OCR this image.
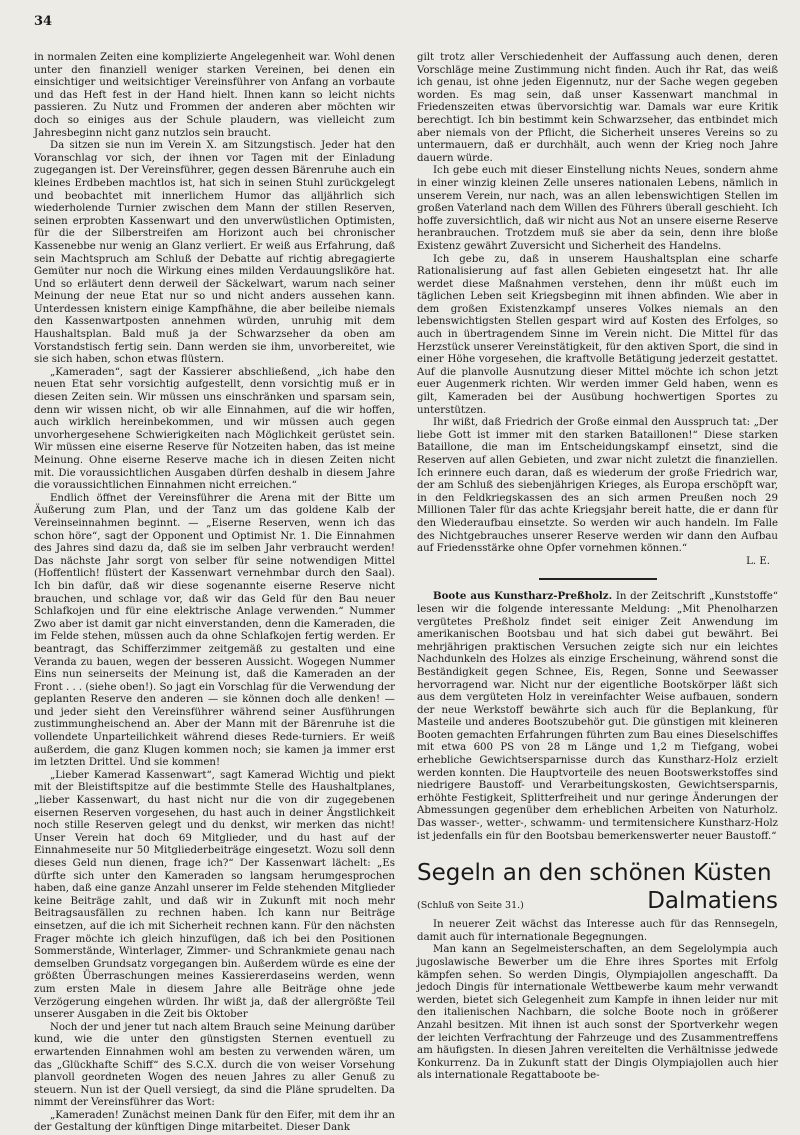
34

in normalen Zeiten eine komplizierte Angelegenheit war. Wohl denen unter den finanziell weniger starken Vereinen, bei denen ein einsichtiger und weitsichtiger Vereinsführer von Anfang an vorbaute und das Heft fest in der Hand hielt. Ihnen kann so leicht nichts passieren. Zu Nutz und Frommen der anderen aber möchten wir doch so einiges aus der Schule plaudern, was vielleicht zum Jahresbeginn nicht ganz nutzlos sein braucht.

Da sitzen sie nun im Verein X. am Sitzungstisch. Jeder hat den Voranschlag vor sich, der ihnen vor Tagen mit der Einladung zugegangen ist. Der Vereinsführer, gegen dessen Bärenruhe auch ein kleines Erdbeben machtlos ist, hat sich in seinen Stuhl zurückgelegt und beobachtet mit innerlichem Humor das alljährlich sich wiederholende Turnier zwischen dem Mann der stillen Reserven, seinen erprobten Kassenwart und den unverwüstlichen Optimisten, für die der Silberstreifen am Horizont auch bei chronischer Kassenebbe nur wenig an Glanz verliert. Er weiß aus Erfahrung, daß sein Machtspruch am Schluß der Debatte auf richtig abregagierte Gemüter nur noch die Wirkung eines milden Verdauungsliköre hat. Und so erläutert denn derweil der Säckelwart, warum nach seiner Meinung der neue Etat nur so und nicht anders aussehen kann. Unterdessen knistern einige Kampfhähne, die aber beileibe niemals den Kassenwartposten annehmen würden, unruhig mit dem Haushaltsplan. Bald muß ja der Schwarzseher da oben am Vorstandstisch fertig sein. Dann werden sie ihm, unvorbereitet, wie sie sich haben, schon etwas flüstern.

„Kameraden“, sagt der Kassierer abschließend, „ich habe den neuen Etat sehr vorsichtig aufgestellt, denn vorsichtig muß er in diesen Zeiten sein. Wir müssen uns einschränken und sparsam sein, denn wir wissen nicht, ob wir alle Einnahmen, auf die wir hoffen, auch wirklich hereinbekommen, und wir müssen auch gegen unvorhergesehene Schwierigkeiten nach Möglichkeit gerüstet sein. Wir müssen eine eiserne Reserve für Notzeiten haben, das ist meine Meinung. Ohne eiserne Reserve mache ich in diesen Zeiten nicht mit. Die voraussichtlichen Ausgaben dürfen deshalb in diesem Jahre die voraussichtlichen Einnahmen nicht erreichen.“

Endlich öffnet der Vereinsführer die Arena mit der Bitte um Äußerung zum Plan, und der Tanz um das goldene Kalb der Vereinseinnahmen beginnt. — „Eiserne Reserven, wenn ich das schon höre“, sagt der Opponent und Optimist Nr. 1. Die Einnahmen des Jahres sind dazu da, daß sie im selben Jahr verbraucht werden! Das nächste Jahr sorgt von selber für seine notwendigen Mittel (Hoffentlich! flüstert der Kassenwart vernehmbar durch den Saal). Ich bin dafür, daß wir diese sogenannte eiserne Reserve nicht brauchen, und schlage vor, daß wir das Geld für den Bau neuer Schlafkojen und für eine elektrische Anlage verwenden.“ Nummer Zwo aber ist damit gar nicht einverstanden, denn die Kameraden, die im Felde stehen, müssen auch da ohne Schlafkojen fertig werden. Er beantragt, das Schifferzimmer zeitgemäß zu gestalten und eine Veranda zu bauen, wegen der besseren Aussicht. Wogegen Nummer Eins nun seinerseits der Meinung ist, daß die Kameraden an der Front . . . (siehe oben!). So jagt ein Vorschlag für die Verwendung der geplanten Reserve den anderen — sie können doch alle denken! — und jeder sieht den Vereinsführer während seiner Ausführungen zustimmungheischend an. Aber der Mann mit der Bärenruhe ist die vollendete Unparteilichkeit während dieses Rede-turniers. Er weiß außerdem, die ganz Klugen kommen noch; sie kamen ja immer erst im letzten Drittel. Und sie kommen!

„Lieber Kamerad Kassenwart“, sagt Kamerad Wichtig und piekt mit der Bleistiftspitze auf die bestimmte Stelle des Haushaltplanes, „lieber Kassenwart, du hast nicht nur die von dir zugegebenen eisernen Reserven vorgesehen, du hast auch in deiner Ängstlichkeit noch stille Reserven gelegt und du denkst, wir merken das nicht! Unser Verein hat doch 69 Mitglieder, und du hast auf der Einnahmeseite nur 50 Mitgliederbeiträge eingesetzt. Wozu soll denn dieses Geld nun dienen, frage ich?“ Der Kassenwart lächelt: „Es dürfte sich unter den Kameraden so langsam herumgesprochen haben, daß eine ganze Anzahl unserer im Felde stehenden Mitglieder keine Beiträge zahlt, und daß wir in Zukunft mit noch mehr Beitragsausfällen zu rechnen haben. Ich kann nur Beiträge einsetzen, auf die ich mit Sicherheit rechnen kann. Für den nächsten Frager möchte ich gleich hinzufügen, daß ich bei den Positionen Sommerstände, Winterlager, Zimmer- und Schrankmiete genau nach demselben Grundsatz vorgegangen bin. Außerdem würde es eine der größten Überraschungen meines Kassiererdaseins werden, wenn zum ersten Male in diesem Jahre alle Beiträge ohne jede Verzögerung eingehen würden. Ihr wißt ja, daß der allergrößte Teil unserer Ausgaben in die Zeit bis Oktober

Noch der und jener tut nach altem Brauch seine Meinung darüber kund, wie die unter den günstigsten Sternen eventuell zu erwartenden Einnahmen wohl am besten zu verwenden wären, um das „Glückhafte Schiff“ des S.C.X. durch die von weiser Vorsehung planvoll geordneten Wogen des neuen Jahres zu aller Genuß zu steuern. Nun ist der Quell versiegt, da sind die Pläne sprudelten. Da nimmt der Vereinsführer das Wort:

„Kameraden! Zunächst meinen Dank für den Eifer, mit dem ihr an der Gestaltung der künftigen Dinge mitarbeitet. Dieser Dank

gilt trotz aller Verschiedenheit der Auffassung auch denen, deren Vorschläge meine Zustimmung nicht finden. Auch ihr Rat, das weiß ich genau, ist ohne jeden Eigennutz, nur der Sache wegen gegeben worden. Es mag sein, daß unser Kassenwart manchmal in Friedenszeiten etwas übervorsichtig war. Damals war eure Kritik berechtigt. Ich bin bestimmt kein Schwarzseher, das entbindet mich aber niemals von der Pflicht, die Sicherheit unseres Vereins so zu untermauern, daß er durchhält, auch wenn der Krieg noch Jahre dauern würde.

Ich gebe euch mit dieser Einstellung nichts Neues, sondern ahme in einer winzig kleinen Zelle unseres nationalen Lebens, nämlich in unserem Verein, nur nach, was an allen lebenswichtigen Stellen im großen Vaterland nach dem Willen des Führers überall geschieht. Ich hoffe zuversichtlich, daß wir nicht aus Not an unsere eiserne Reserve heranbrauchen. Trotzdem muß sie aber da sein, denn ihre bloße Existenz gewährt Zuversicht und Sicherheit des Handelns.

Ich gebe zu, daß in unserem Haushaltsplan eine scharfe Rationalisierung auf fast allen Gebieten eingesetzt hat. Ihr alle werdet diese Maßnahmen verstehen, denn ihr müßt euch im täglichen Leben seit Kriegsbeginn mit ihnen abfinden. Wie aber in dem großen Existenzkampf unseres Volkes niemals an den lebenswichtigsten Stellen gespart wird auf Kosten des Erfolges, so auch in übertragendem Sinne im Verein nicht. Die Mittel für das Herzstück unserer Vereinstätigkeit, für den aktiven Sport, die sind in einer Höhe vorgesehen, die kraftvolle Betätigung jederzeit gestattet. Auf die planvolle Ausnutzung dieser Mittel möchte ich schon jetzt euer Augenmerk richten. Wir werden immer Geld haben, wenn es gilt, Kameraden bei der Ausübung hochwertigen Sportes zu unterstützen.

Ihr wißt, daß Friedrich der Große einmal den Ausspruch tat: „Der liebe Gott ist immer mit den starken Bataillonen!“ Diese starken Bataillone, die man im Entscheidungskampf einsetzt, sind die Reserven auf allen Gebieten, und zwar nicht zuletzt die finanziellen. Ich erinnere euch daran, daß es wiederum der große Friedrich war, der am Schluß des siebenjährigen Krieges, als Europa erschöpft war, in den Feldkriegskassen des an sich armen Preußen noch 29 Millionen Taler für das achte Kriegsjahr bereit hatte, die er dann für den Wiederaufbau einsetzte. So werden wir auch handeln. Im Falle des Nichtgebrauches unserer Reserve werden wir dann den Aufbau auf Friedensstärke ohne Opfer vornehmen können.“

L. E.

Boote aus Kunstharz-Preßholz. In der Zeitschrift „Kunststoffe“ lesen wir die folgende interessante Meldung: „Mit Phenolharzen vergütetes Preßholz findet seit einiger Zeit Anwendung im amerikanischen Bootsbau und hat sich dabei gut bewährt. Bei mehrjährigen praktischen Versuchen zeigte sich nur ein leichtes Nachdunkeln des Holzes als einzige Erscheinung, während sonst die Beständigkeit gegen Schnee, Eis, Regen, Sonne und Seewasser hervorragend war. Nicht nur der eigentliche Bootskörper läßt sich aus dem vergüteten Holz in vereinfachter Weise aufbauen, sondern der neue Werkstoff bewährte sich auch für die Beplankung, für Masteile und anderes Bootszubehör gut. Die günstigen mit kleineren Booten gemachten Erfahrungen führten zum Bau eines Dieselschiffes mit etwa 600 PS von 28 m Länge und 1,2 m Tiefgang, wobei erhebliche Gewichtsersparnisse durch das Kunstharz-Holz erzielt werden konnten. Die Hauptvorteile des neuen Bootswerkstoffes sind niedrigere Baustoff- und Verarbeitungskosten, Gewichtsersparnis, erhöhte Festigkeit, Splitterfreiheit und nur geringe Änderungen der Abmessungen gegenüber dem erheblichen Arbeiten von Naturholz. Das wasser-, wetter-, schwamm- und termitensichere Kunstharz-Holz ist jedenfalls ein für den Bootsbau bemerkenswerter neuer Baustoff.“

Segeln an den schönen Küsten
(Schluß von Seite 31.)	Dalmatiens

In neuerer Zeit wächst das Interesse auch für das Rennsegeln, damit auch für internationale Begegnungen.

Man kann an Segelmeisterschaften, an dem Segelolympia auch jugoslawische Bewerber um die Ehre ihres Sportes mit Erfolg kämpfen sehen. So werden Dingis, Olympiajollen angeschafft. Da jedoch Dingis für internationale Wettbewerbe kaum mehr verwandt werden, bietet sich Gelegenheit zum Kampfe in ihnen leider nur mit den italienischen Nachbarn, die solche Boote noch in größerer Anzahl besitzen. Mit ihnen ist auch sonst der Sportverkehr wegen der leichten Verfrachtung der Fahrzeuge und des Zusammentreffens am häufigsten. In diesen Jahren vereitelten die Verhältnisse jedwede Konkurrenz. Da in Zukunft statt der Dingis Olympiajollen auch hier als internationale Regattaboote be-
